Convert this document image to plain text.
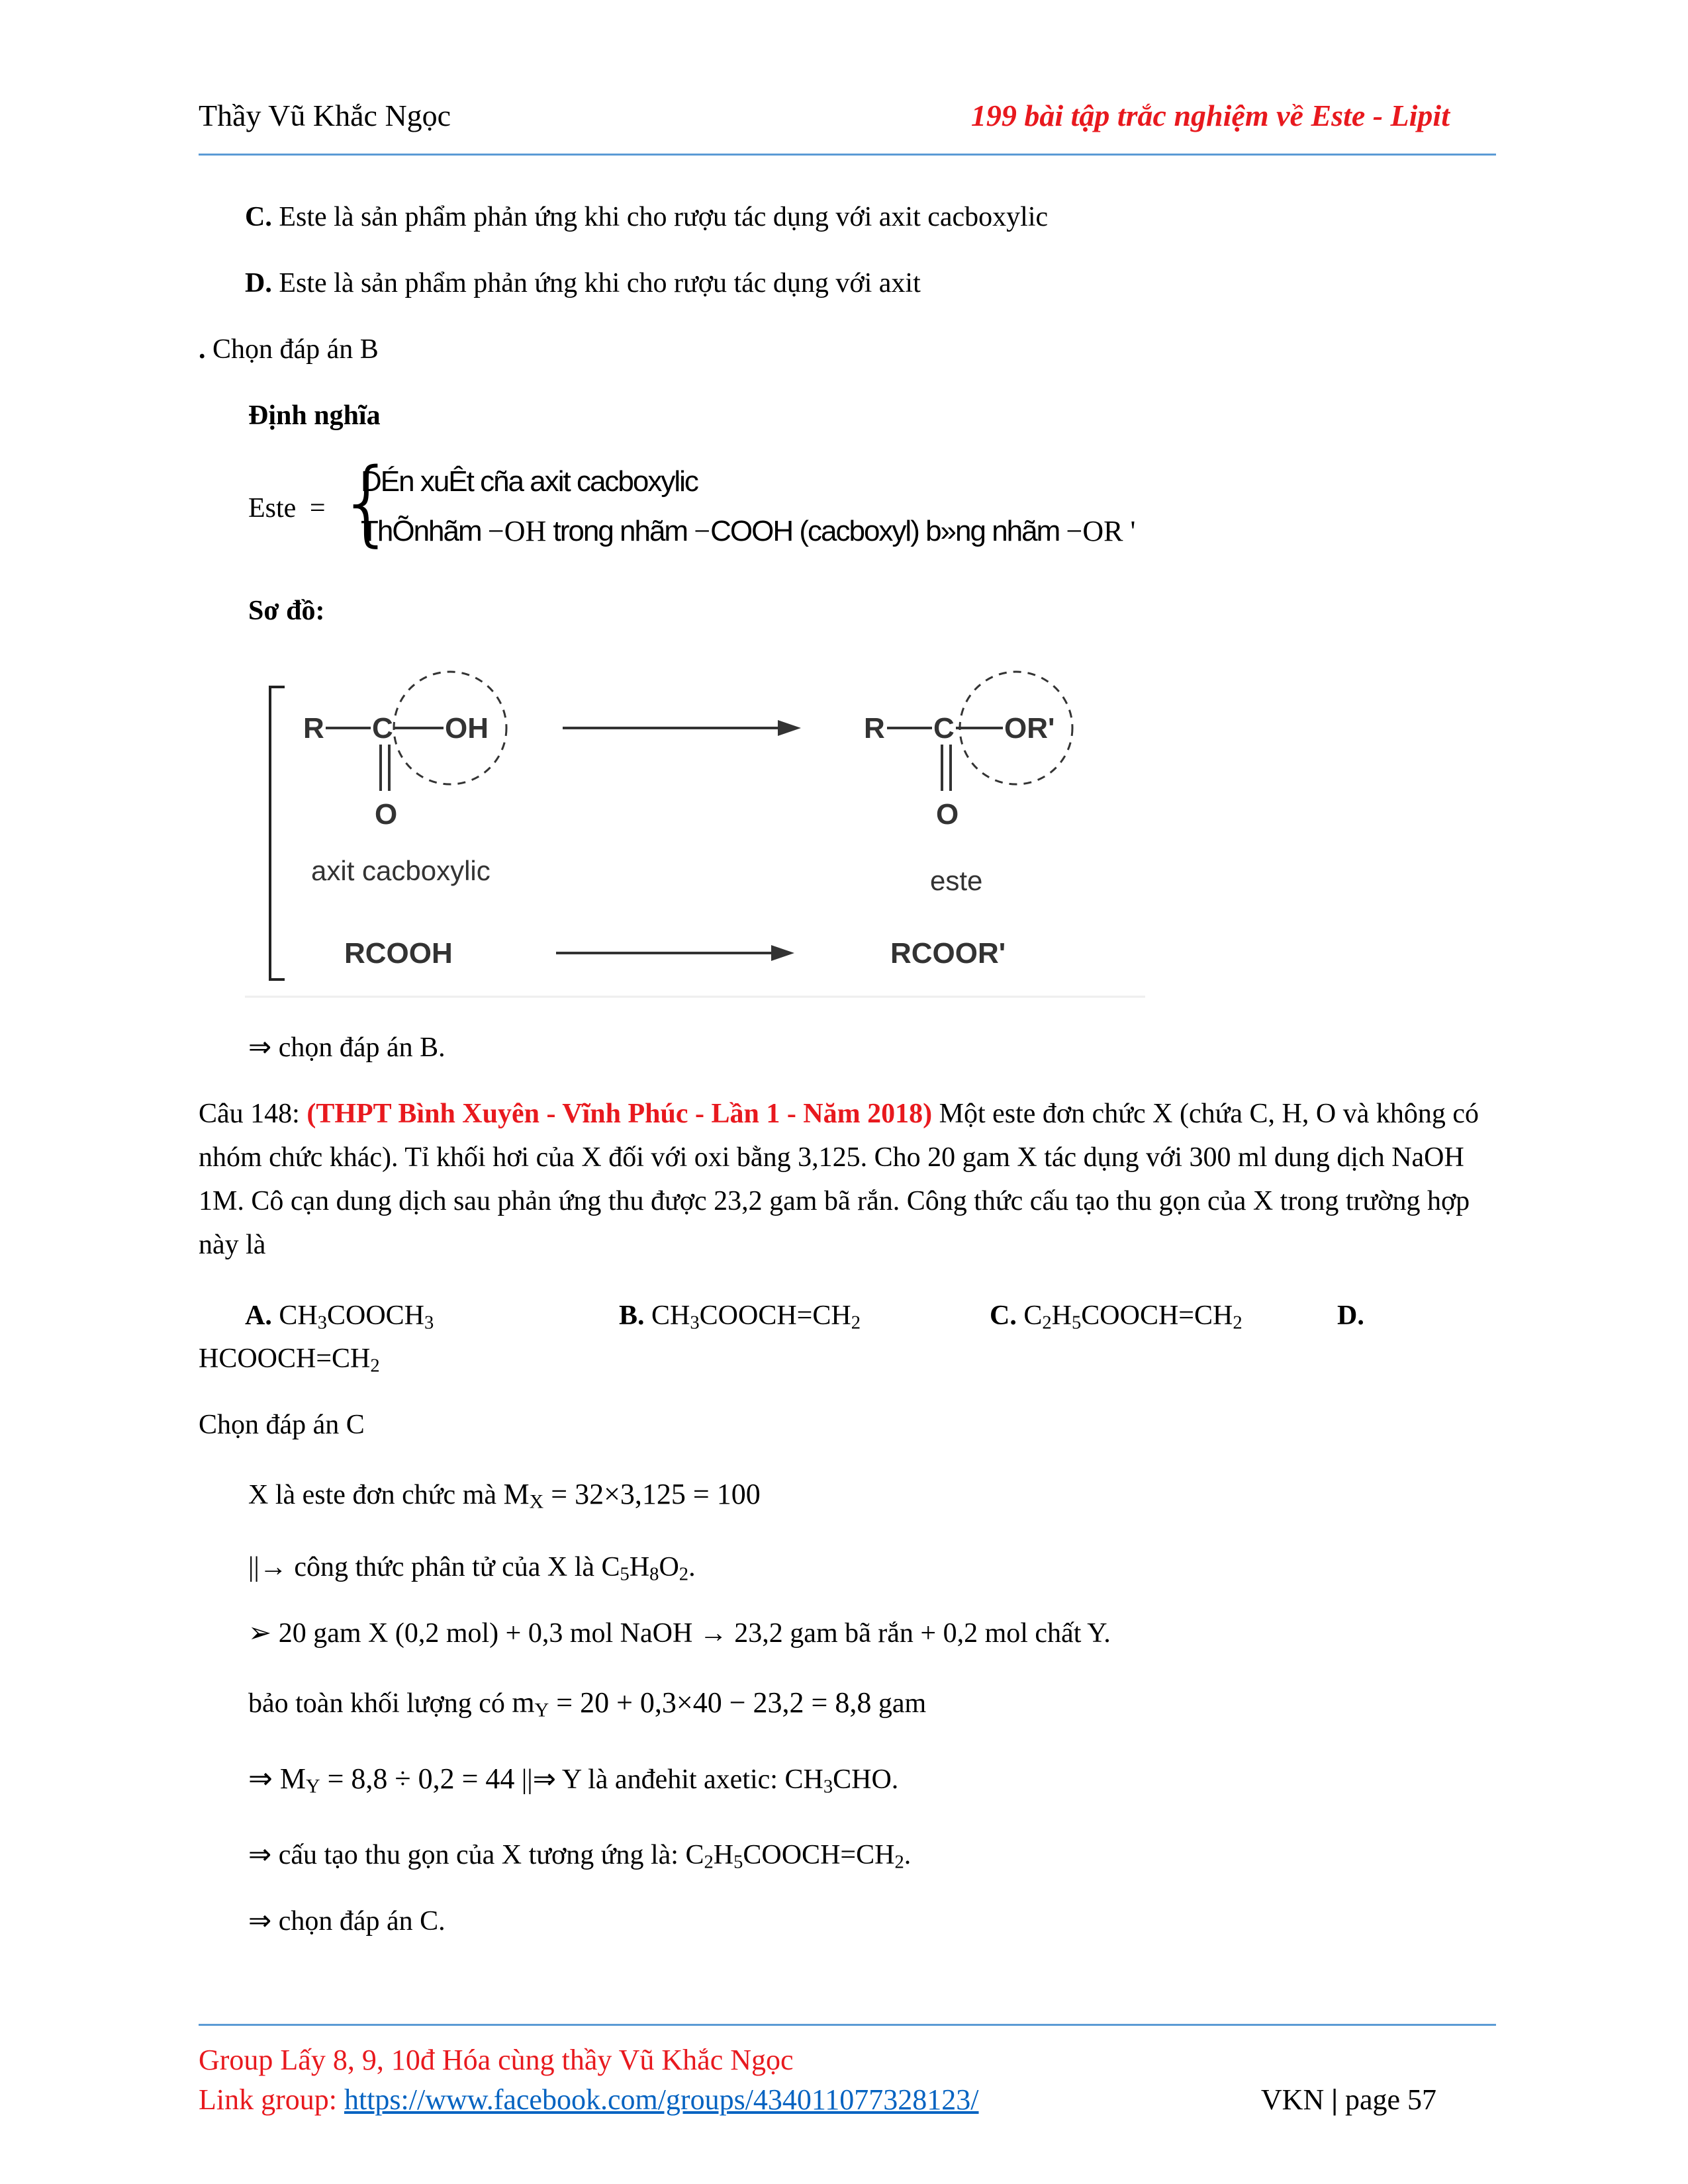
Thầy Vũ Khắc Ngọc	199 bài tập trắc nghiệm về Este - Lipit
C. Este là sản phẩm phản ứng khi cho rượu tác dụng với axit cacboxylic
D. Este là sản phẩm phản ứng khi cho rượu tác dụng với axit
. Chọn đáp án B
Định nghĩa
Este = {
DÉn xuÊt cña axit cacboxylic
ThÕnhãm −OH trong nhãm −COOH (cacboxyl) b»ng nhãm −OR '
Sơ đồ:
R C OH
O
R C OR'
O
axit cacboxylic	este
RCOOH	RCOOR'
⇒ chọn đáp án B.
Câu 148: (THPT Bình Xuyên - Vĩnh Phúc - Lần 1 - Năm 2018) Một este đơn chức X (chứa C, H, O và không có nhóm chức khác). Tỉ khối hơi của X đối với oxi bằng 3,125. Cho 20 gam X tác dụng với 300 ml dung dịch NaOH 1M. Cô cạn dung dịch sau phản ứng thu được 23,2 gam bã rắn. Công thức cấu tạo thu gọn của X trong trường hợp này là
A. $CH_3COOCH_3$	B. $CH_3COOCH=CH_2$	C. $C_2H_5COOCH=CH_2$	D.
$HCOOCH=CH_2$
Chọn đáp án C
X là este đơn chức mà $M_X = 32\times 3,125 = 100$
||→ công thức phân tử của X là $C_5H_8O_2$.
➢ 20 gam X (0,2 mol) + 0,3 mol NaOH → 23,2 gam bã rắn + 0,2 mol chất Y.
bảo toàn khối lượng có $m_Y = 20 + 0,3\times 40 - 23,2 = 8,8$ gam
⇒ $M_Y = 8,8 \div 0,2 = 44$ ||⇒ Y là anđehit axetic: $CH_3CHO$.
⇒ cấu tạo thu gọn của X tương ứng là: $C_2H_5COOCH=CH_2$.
⇒ chọn đáp án C.
Group Lấy 8, 9, 10đ Hóa cùng thầy Vũ Khắc Ngọc
Link group: https://www.facebook.com/groups/434011077328123/	VKN | page 57
